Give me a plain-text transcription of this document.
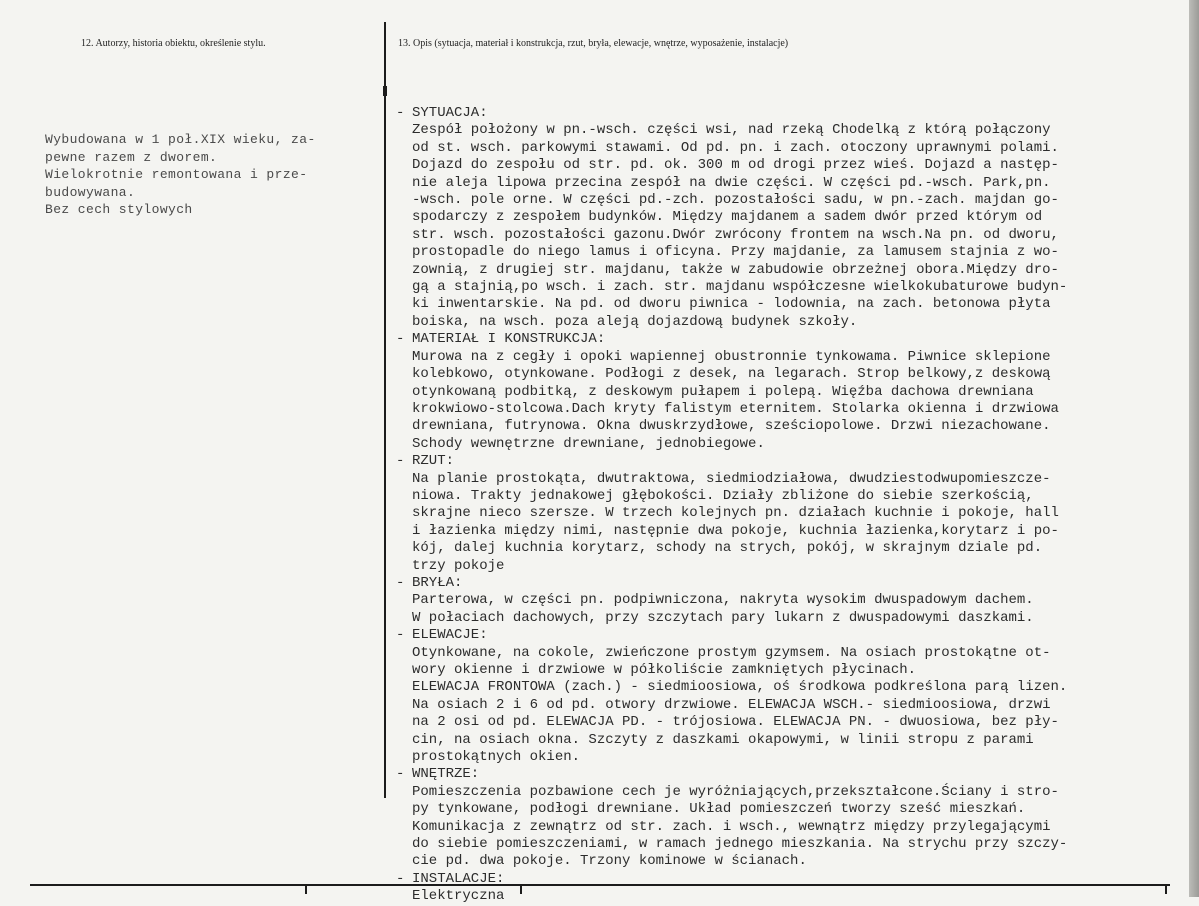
12. Autorzy, historia obiektu, określenie stylu.	13. Opis (sytuacja, materiał i konstrukcja, rzut, bryła, elewacje, wnętrze, wyposażenie, instalacje)
Wybudowana w 1 poł.XIX wieku, za-
pewne razem z dworem.
Wielokrotnie remontowana i prze-
budowywana.
Bez cech stylowych
- SYTUACJA:
Zespół położony w pn.-wsch. części wsi, nad rzeką Chodelką z którą połączony
od st. wsch. parkowymi stawami. Od pd. pn. i zach. otoczony uprawnymi polami.
Dojazd do zespołu od str. pd. ok. 300 m od drogi przez wieś. Dojazd a następ-
nie aleja lipowa przecina zespół na dwie części. W części pd.-wsch. Park,pn.
-wsch. pole orne. W części pd.-zch. pozostałości sadu, w pn.-zach. majdan go-
spodarczy z zespołem budynków. Między majdanem a sadem dwór przed którym od
str. wsch. pozostałości gazonu.Dwór zwrócony frontem na wsch.Na pn. od dworu,
prostopadle do niego lamus i oficyna. Przy majdanie, za lamusem stajnia z wo-
zownią, z drugiej str. majdanu, także w zabudowie obrzeżnej obora.Między dro-
gą a stajnią,po wsch. i zach. str. majdanu współczesne wielkokubaturowe budyn-
ki inwentarskie. Na pd. od dworu piwnica - lodownia, na zach. betonowa płyta
boiska, na wsch. poza aleją dojazdową budynek szkoły.
- MATERIAŁ I KONSTRUKCJA:
Murowa na z cegły i opoki wapiennej obustronnie tynkowama. Piwnice sklepione
kolebkowo, otynkowane. Podłogi z desek, na legarach. Strop belkowy,z deskową
otynkowaną podbitką, z deskowym pułapem i polepą. Więźba dachowa drewniana
krokwiowo-stolcowa.Dach kryty falistym eternitem. Stolarka okienna i drzwiowa
drewniana, futrynowa. Okna dwuskrzydłowe, sześciopolowe. Drzwi niezachowane.
Schody wewnętrzne drewniane, jednobiegowe.
- RZUT:
Na planie prostokąta, dwutraktowa, siedmiodziałowa, dwudziestodwupomieszcze-
niowa. Trakty jednakowej głębokości. Działy zbliżone do siebie szerkością,
skrajne nieco szersze. W trzech kolejnych pn. działach kuchnie i pokoje, hall
i łazienka między nimi, następnie dwa pokoje, kuchnia łazienka,korytarz i po-
kój, dalej kuchnia korytarz, schody na strych, pokój, w skrajnym dziale pd.
trzy pokoje
- BRYŁA:
Parterowa, w części pn. podpiwniczona, nakryta wysokim dwuspadowym dachem.
W połaciach dachowych, przy szczytach pary lukarn z dwuspadowymi daszkami.
- ELEWACJE:
Otynkowane, na cokole, zwieńczone prostym gzymsem. Na osiach prostokątne ot-
wory okienne i drzwiowe w półkoliście zamkniętych płycinach.
ELEWACJA FRONTOWA (zach.) - siedmioosiowa, oś środkowa podkreślona parą lizen.
Na osiach 2 i 6 od pd. otwory drzwiowe. ELEWACJA WSCH.- siedmioosiowa, drzwi
na 2 osi od pd. ELEWACJA PD. - trójosiowa. ELEWACJA PN. - dwuosiowa, bez pły-
cin, na osiach okna. Szczyty z daszkami okapowymi, w linii stropu z parami
prostokątnych okien.
- WNĘTRZE:
Pomieszczenia pozbawione cech je wyróżniających,przekształcone.Ściany i stro-
py tynkowane, podłogi drewniane. Układ pomieszczeń tworzy sześć mieszkań.
Komunikacja z zewnątrz od str. zach. i wsch., wewnątrz między przylegającymi
do siebie pomieszczeniami, w ramach jednego mieszkania. Na strychu przy szczy-
cie pd. dwa pokoje. Trzony kominowe w ścianach.
- INSTALACJE:
Elektryczna
